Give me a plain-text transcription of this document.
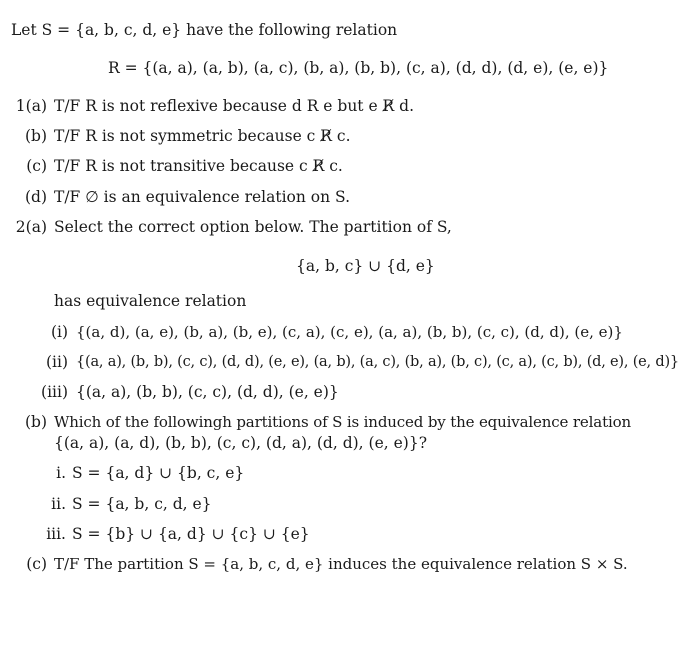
Let S = {a, b, c, d, e} have the following relation
R = {(a, a), (a, b), (a, c), (b, a), (b, b), (c, a), (d, d), (d, e), (e, e)}
1(a) T/F R is not reflexive because d R e but e R̸ d.
(b) T/F R is not symmetric because c R̸ c.
(c) T/F R is not transitive because c R̸ c.
(d) T/F ∅ is an equivalence relation on S.
2(a) Select the correct option below. The partition of S,
{a, b, c} ∪ {d, e}
has equivalence relation
(i) {(a, d), (a, e), (b, a), (b, e), (c, a), (c, e), (a, a), (b, b), (c, c), (d, d), (e, e)}
(ii) {(a, a), (b, b), (c, c), (d, d), (e, e), (a, b), (a, c), (b, a), (b, c), (c, a), (c, b), (d, e), (e, d)}
(iii) {(a, a), (b, b), (c, c), (d, d), (e, e)}
(b) Which of the followingh partitions of S is induced by the equivalence relation
{(a, a), (a, d), (b, b), (c, c), (d, a), (d, d), (e, e)}?
i. S = {a, d} ∪ {b, c, e}
ii. S = {a, b, c, d, e}
iii. S = {b} ∪ {a, d} ∪ {c} ∪ {e}
(c) T/F The partition S = {a, b, c, d, e} induces the equivalence relation S × S.
